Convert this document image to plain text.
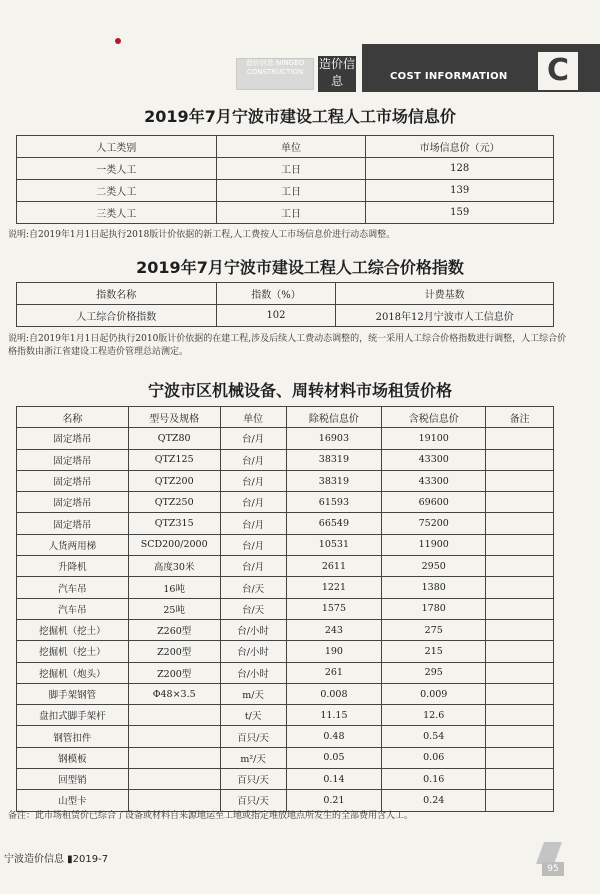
造价信息 NINGBO CONSTRUCTION
造价信息	COST INFORMATION C
2019年7月宁波市建设工程人工市场信息价
人工类别	单位	市场信息价（元）
一类人工	工日	128
二类人工	工日	139
三类人工	工日	159
说明:自2019年1月1日起执行2018版计价依据的新工程,人工费按人工市场信息价进行动态调整。
2019年7月宁波市建设工程人工综合价格指数
指数名称	指数（%）	计费基数
人工综合价格指数	102	2018年12月宁波市人工信息价
说明:自2019年1月1日起仍执行2010版计价依据的在建工程,涉及后续人工费动态调整的，统一采用人工综合价格指数进行调整，人工综合价格指数由浙江省建设工程造价管理总站测定。
宁波市区机械设备、周转材料市场租赁价格
名称	型号及规格	单位	除税信息价	含税信息价	备注
固定塔吊	QTZ80	台/月	16903	19100	
固定塔吊	QTZ125	台/月	38319	43300	
固定塔吊	QTZ200	台/月	38319	43300	
固定塔吊	QTZ250	台/月	61593	69600	
固定塔吊	QTZ315	台/月	66549	75200	
人货两用梯	SCD200/2000	台/月	10531	11900	
升降机	高度30米	台/月	2611	2950	
汽车吊	16吨	台/天	1221	1380	
汽车吊	25吨	台/天	1575	1780	
挖掘机（挖土）	Z260型	台/小时	243	275	
挖掘机（挖土）	Z200型	台/小时	190	215	
挖掘机（炮头）	Z200型	台/小时	261	295	
脚手架钢管	Φ48×3.5	m/天	0.008	0.009	
盘扣式脚手架杆		t/天	11.15	12.6	
钢管扣件		百只/天	0.48	0.54	
钢模板		m²/天	0.05	0.06	
回型销		百只/天	0.14	0.16	
山型卡		百只/天	0.21	0.24	
备注：此市场租赁价已综合了设备或材料自来源地运至工地或指定堆放地点所发生的全部费用含人工。
宁波造价信息 ▮2019-7
95
